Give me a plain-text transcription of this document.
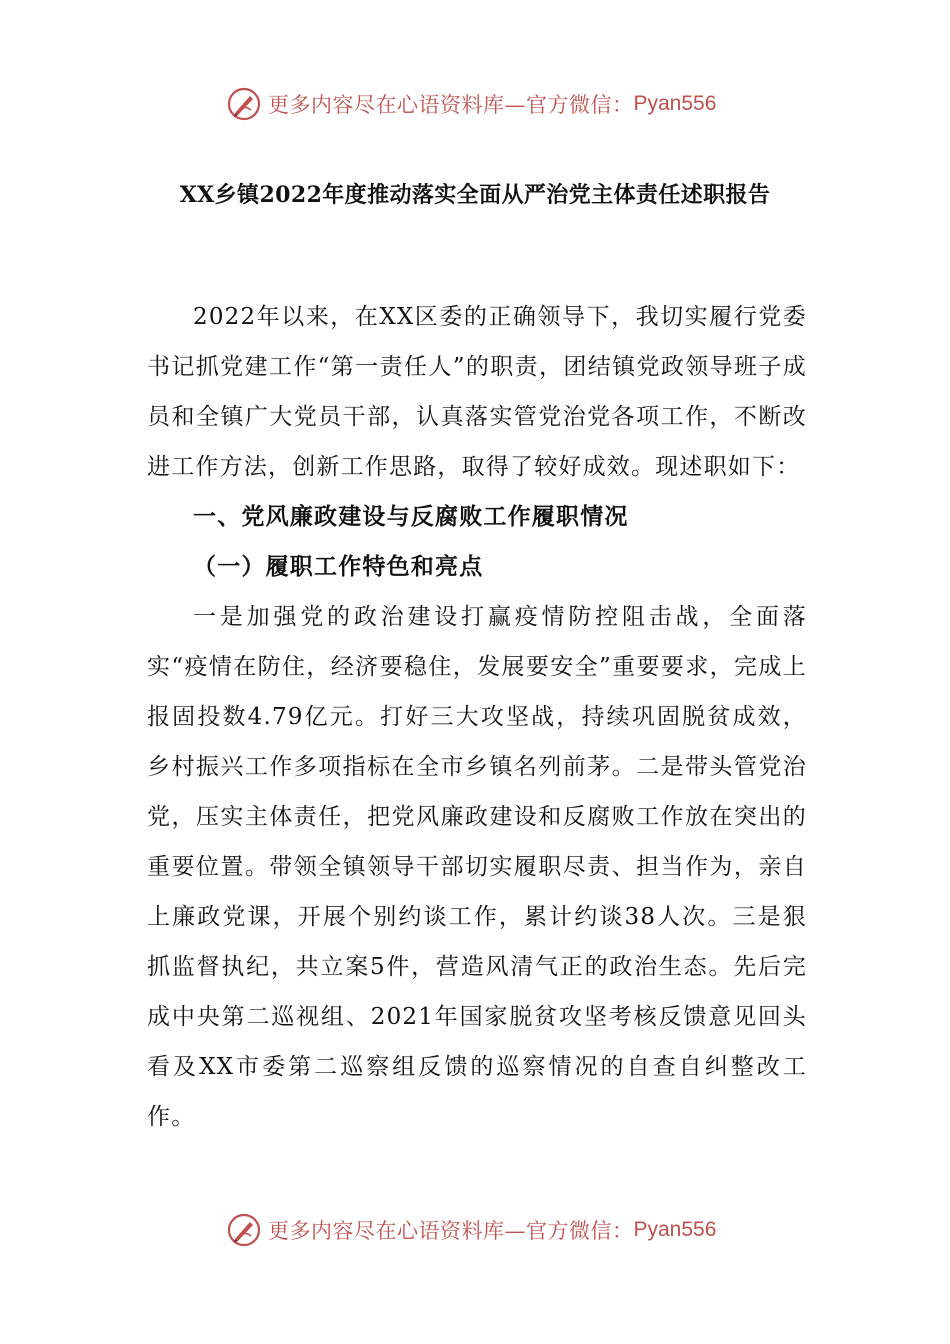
更多内容尽在心语资料库—官方微信： Pyan556
XX乡镇2022年度推动落实全面从严治党主体责任述职报告

2022年以来，在XX区委的正确领导下，我切实履行党委书记抓党建工作“第一责任人”的职责，团结镇党政领导班子成员和全镇广大党员干部，认真落实管党治党各项工作，不断改进工作方法，创新工作思路，取得了较好成效。现述职如下：

一、党风廉政建设与反腐败工作履职情况
（一）履职工作特色和亮点

一是加强党的政治建设打赢疫情防控阻击战，全面落实“疫情在防住，经济要稳住，发展要安全”重要要求，完成上报固投数4.79亿元。打好三大攻坚战，持续巩固脱贫成效，乡村振兴工作多项指标在全市乡镇名列前茅。二是带头管党治党，压实主体责任，把党风廉政建设和反腐败工作放在突出的重要位置。带领全镇领导干部切实履职尽责、担当作为，亲自上廉政党课，开展个别约谈工作，累计约谈38人次。三是狠抓监督执纪，共立案5件，营造风清气正的政治生态。先后完成中央第二巡视组、2021年国家脱贫攻坚考核反馈意见回头看及XX市委第二巡察组反馈的巡察情况的自查自纠整改工作。

更多内容尽在心语资料库—官方微信： Pyan556
